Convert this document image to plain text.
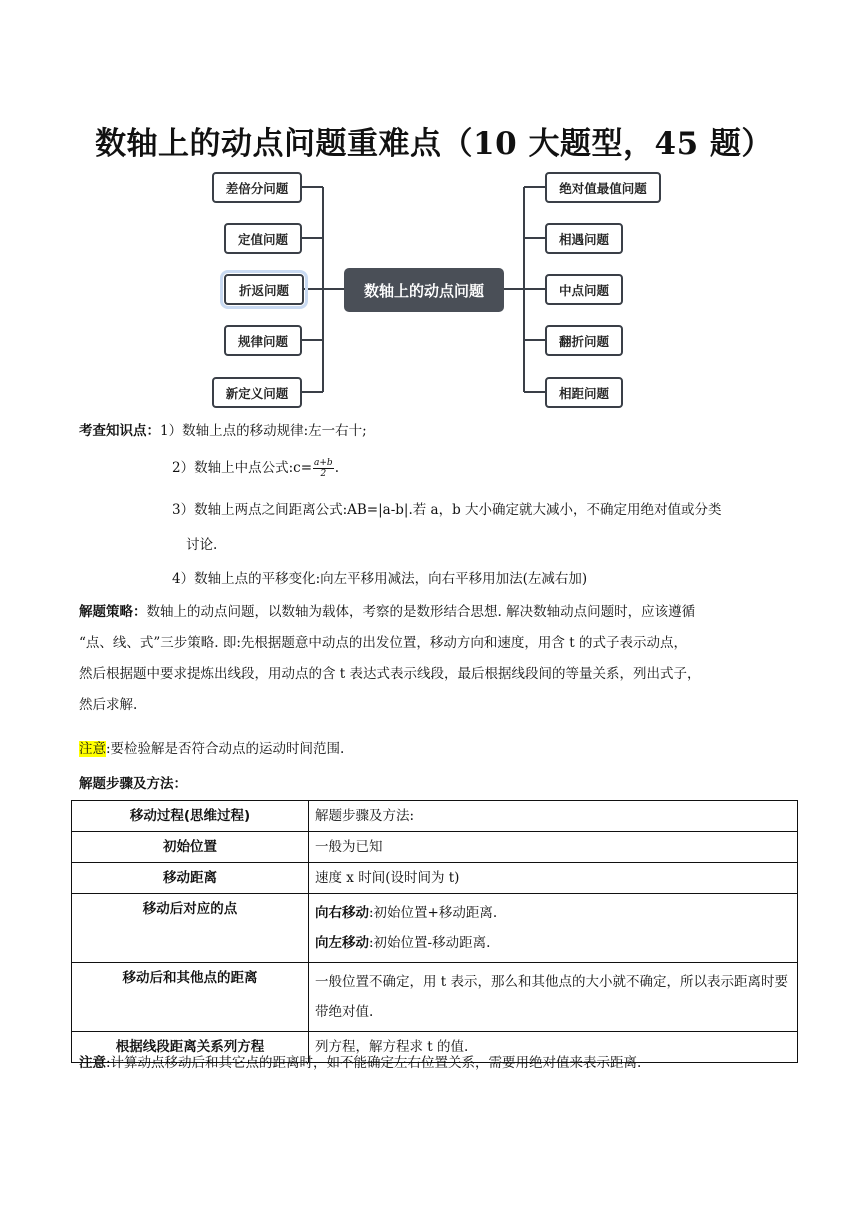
数轴上的动点问题重难点（10 大题型，45 题）
差倍分问题
定值问题
折返问题
规律问题
新定义问题
数轴上的动点问题
绝对值最值问题
相遇问题
中点问题
翻折问题
相距问题
考查知识点：1）数轴上点的移动规律:左一右十;
2）数轴上中点公式:c= $\frac{a+b}{2}$ .
3）数轴上两点之间距离公式:AB=|a-b|.若 a，b 大小确定就大减小，不确定用绝对值或分类
讨论.
4）数轴上点的平移变化:向左平移用减法，向右平移用加法(左减右加)
解题策略：数轴上的动点问题，以数轴为载体，考察的是数形结合思想. 解决数轴动点问题时，应该遵循
“点、线、式”三步策略. 即:先根据题意中动点的出发位置，移动方向和速度，用含 t 的式子表示动点，
然后根据题中要求提炼出线段，用动点的含 t 表达式表示线段，最后根据线段间的等量关系，列出式子，
然后求解.
注意:要检验解是否符合动点的运动时间范围.
解题步骤及方法：
移动过程(思维过程)	解题步骤及方法:
初始位置	一般为已知
移动距离	速度 x 时间(设时间为 t)
移动后对应的点	向右移动:初始位置+移动距离.
向左移动:初始位置-移动距离.

移动后和其他点的距离	一般位置不确定，用 t 表示，那么和其他点的大小就不确定，所以表示距离时要带绝对值.
根据线段距离关系列方程	列方程，解方程求 t 的值.
注意:计算动点移动后和其它点的距离时，如不能确定左右位置关系，需要用绝对值来表示距离.
